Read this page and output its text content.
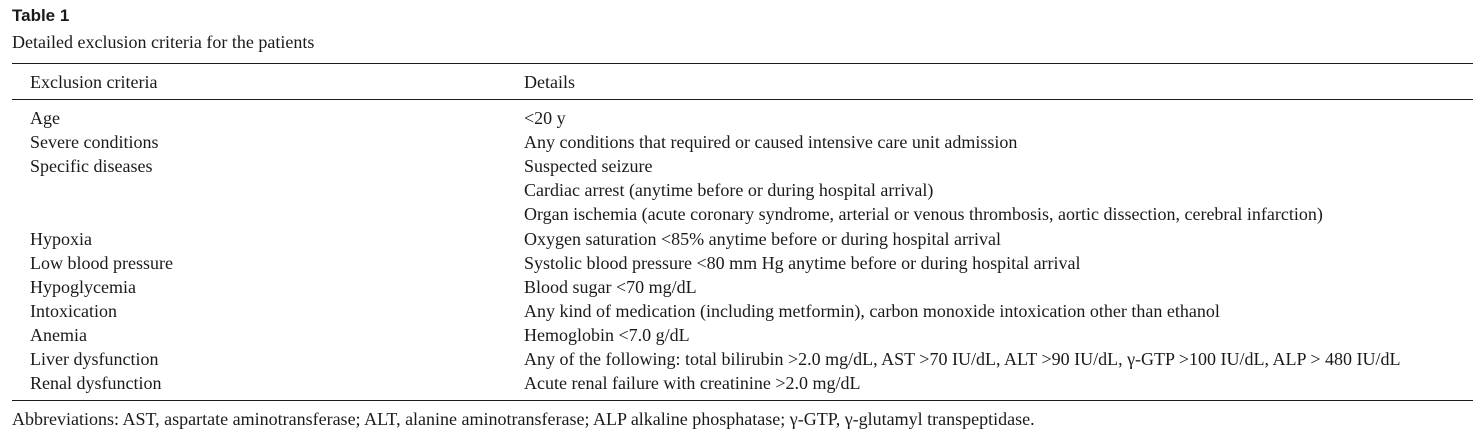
Table 1
Detailed exclusion criteria for the patients
Exclusion criteria	Details
Age	<20 y
Severe conditions	Any conditions that required or caused intensive care unit admission
Specific diseases	Suspected seizure
Cardiac arrest (anytime before or during hospital arrival)
Organ ischemia (acute coronary syndrome, arterial or venous thrombosis, aortic dissection, cerebral infarction)
Hypoxia	Oxygen saturation <85% anytime before or during hospital arrival
Low blood pressure	Systolic blood pressure <80 mm Hg anytime before or during hospital arrival
Hypoglycemia	Blood sugar <70 mg/dL
Intoxication	Any kind of medication (including metformin), carbon monoxide intoxication other than ethanol
Anemia	Hemoglobin <7.0 g/dL
Liver dysfunction	Any of the following: total bilirubin >2.0 mg/dL, AST >70 IU/dL, ALT >90 IU/dL, γ-GTP >100 IU/dL, ALP > 480 IU/dL
Renal dysfunction	Acute renal failure with creatinine >2.0 mg/dL
Abbreviations: AST, aspartate aminotransferase; ALT, alanine aminotransferase; ALP alkaline phosphatase; γ-GTP, γ-glutamyl transpeptidase.
